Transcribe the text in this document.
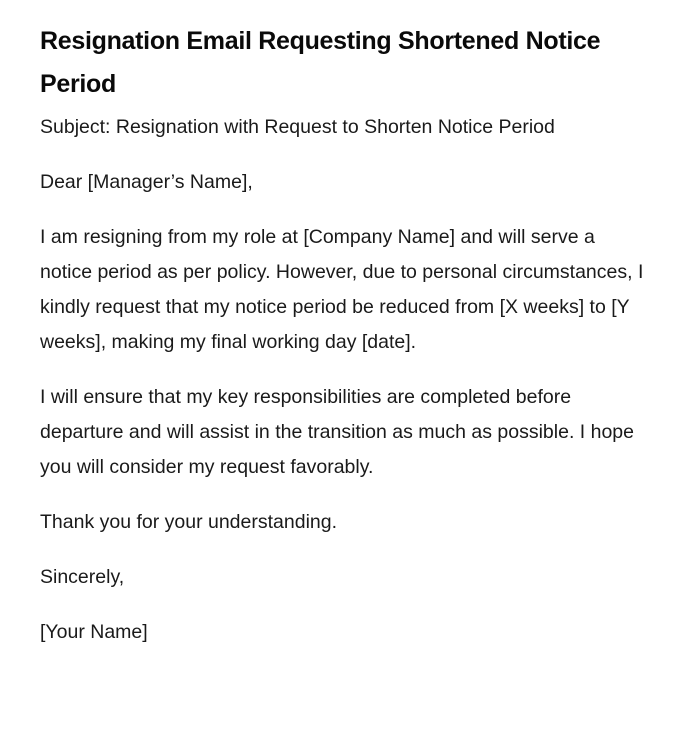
Resignation Email Requesting Shortened Notice Period

Subject: Resignation with Request to Shorten Notice Period

Dear [Manager’s Name],

I am resigning from my role at [Company Name] and will serve a notice period as per policy. However, due to personal circumstances, I kindly request that my notice period be reduced from [X weeks] to [Y weeks], making my final working day [date].

I will ensure that my key responsibilities are completed before departure and will assist in the transition as much as possible. I hope you will consider my request favorably.

Thank you for your understanding.

Sincerely,

[Your Name]
